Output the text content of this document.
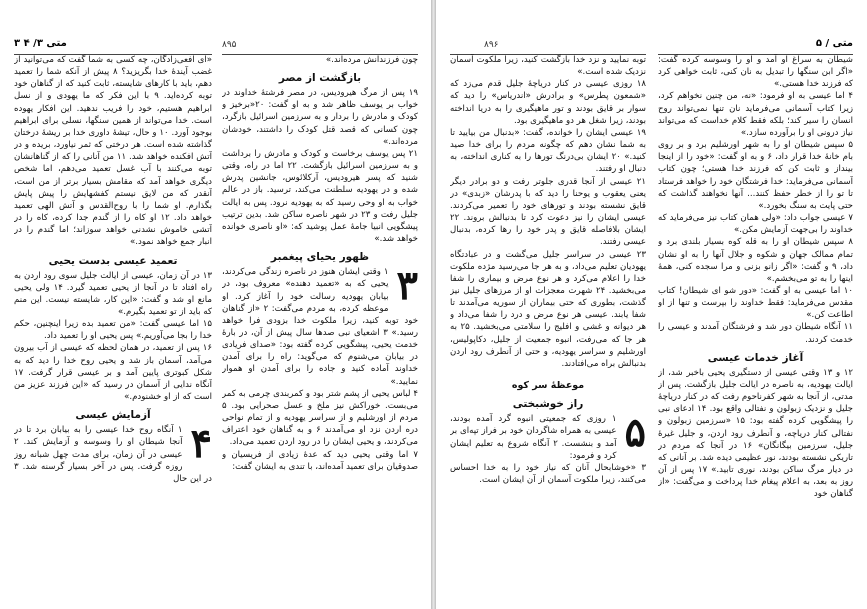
متی ۳/ ۴ ۳	۸۹۵

«ای افعی‌زادگان، چه کسی به شما گفت که می‌توانید از غضب آیندهٔ خدا بگریزید؟ ۸ پیش از آنکه شما را تعمید دهم، باید با کارهای شایسته، ثابت کنید که از گناهان خود توبه کرده‌اید. ۹ با این فکر که ما یهودی و از نسل ابراهیم هستیم، خود را فریب ندهید. این افکار یهوده است. خدا می‌تواند از همین سنگها، نسلی برای ابراهیم بوجود آورد. ۱۰ و حال، تیشهٔ داوری خدا بر ریشهٔ درختان گذاشته شده است. هر درختی که ثمر نیاورد، بریده و در آتش افکنده خواهد شد. ۱۱ من آنانی را که از گناهانشان توبه می‌کنند با آب غسل تعمید می‌دهم، اما شخص دیگری خواهد آمد که مقامش بسیار برتر از من است، آنقدر که من لایق نیستم کفشهایش را پیش پایش بگذارم. او شما را با روح‌القدس و آتش الهی تعمید خواهد داد. ۱۲ او کاه را از گندم جدا کرده، کاه را در آتشی خاموش نشدنی خواهد سوزاند؛ اما گندم را در انبار جمع خواهد نمود.»

تعمید عیسی بدست یحیی

۱۳ در آن زمان، عیسی از ایالت جلیل سوی رود اردن به راه افتاد تا در آنجا از یحیی تعمید گیرد. ۱۴ ولی یحیی مانع او شد و گفت: «این کار، شایسته نیست. این منم که باید از تو تعمید بگیرم.»

۱۵ اما عیسی گفت: «من تعمید بده زیرا اینچنین، حکم خدا را بجا می‌آوریم.» پس یحیی او را تعمید داد.

۱۶ پس از تعمید، در همان لحظه که عیسی از آب بیرون می‌آمد، آسمان باز شد و یحیی روح خدا را دید که به شکل کبوتری پایین آمد و بر عیسی قرار گرفت. ۱۷ آنگاه ندایی از آسمان در رسید که «این فرزند عزیز من است که از او خشنودم.»

آزمایش عیسی
۴

۱ آنگاه روح خدا عیسی را به بیابان برد تا در آنجا شیطان او را وسوسه و آزمایش کند. ۲ عیسی در آن زمان، برای مدت چهل شبانه روز روزه گرفت. پس در آخر بسیار گرسنه شد. ۳ در این حال

چون فرزندانش مرده‌اند.»

بازگشت از مصر

۱۹ پس از مرگ هیرودیس، در مصر فرشتهٔ خداوند در خواب بر یوسف ظاهر شد و به او گفت: ۲۰«برخیز و کودک و مادرش را بردار و به سرزمین اسرائیل بازگرد، چون کسانی که قصد قتل کودک را داشتند، خودشان مرده‌اند.»

۲۱ پس یوسف برخاست و کودک و مادرش را برداشت و به سرزمین اسرائیل بازگشت. ۲۲ اما در راه، وقتی شنید که پسر هیرودیس، آرکلائوس، جانشین پدرش شده و در یهودیه سلطنت می‌کند، ترسید. باز در عالم خواب به او وحی رسید که به یهودیه نرود. پس به ایالت جلیل رفت و ۲۳ در شهر ناصره ساکن شد. بدین ترتیب پیشگویی انبیا جامهٔ عمل پوشید که: «او ناصری خوانده خواهد شد.»

ظهور یحیای پیغمبر
۳

۱ وقتی ایشان هنوز در ناصره زندگی می‌کردند، یحیی که به «تعمید دهنده» معروف بود، در بیابان یهودیه رسالت خود را آغاز کرد. او موعظه کرده، به مردم می‌گفت: ۲ «از گناهان خود توبه کنید، زیرا ملکوت خدا بزودی فرا خواهد رسید.» ۳ اشعیای نبی صدها سال پیش از آن، در بارهٔ خدمت یحیی، پیشگویی کرده گفته بود: «صدای فریادی در بیابان می‌شنوم که می‌گوید: راه را برای آمدن خداوند آماده کنید و جاده را برای آمدن او هموار نمایید.»

۴ لباس یحیی از پشم شتر بود و کمربندی چرمی به کمر می‌بست. خوراکش نیز ملخ و عسل صحرایی بود. ۵ مردم از اورشلیم و از سراسر یهودیه و از تمام نواحی دره اردن نزد او می‌آمدند ۶ و به گناهان خود اعتراف می‌کردند، و یحیی ایشان را در رود اردن تعمید می‌داد.

۷ اما وقتی یحیی دید که عدهٔ زیادی از فریسیان و صدوقیان برای تعمید آمده‌اند، با تندی به ایشان گفت:

۸۹۶	متی / ۵

توبه نمایید و نزد خدا بازگشت کنید، زیرا ملکوت آسمان نزدیک شده است.»

۱۸ روزی عیسی در کنار دریاچهٔ جلیل قدم می‌زد که «شمعون پطرس» و برادرش «اندریاس» را دید که سوار بر قایق بودند و تور ماهیگیری را به دریا انداخته بودند، زیرا شغل هر دو ماهیگیری بود.

۱۹ عیسی ایشان را خوانده، گفت: «بدنبال من بیایید تا به شما نشان دهم که چگونه مردم را برای خدا صید کنید.» ۲۰ ایشان بی‌درنگ تورها را به کناری انداخته، به دنبال او رفتند.

۲۱ عیسی از آنجا قدری جلوتر رفت و دو برادر دیگر یعنی یعقوب و یوحنا را دید که با پدرشان «زبدی» در قایق نشسته بودند و تورهای خود را تعمیر می‌کردند. عیسی ایشان را نیز دعوت کرد تا بدنبالش بروند. ۲۲ ایشان بلافاصله قایق و پدر خود را رها کرده، بدنبال عیسی رفتند.

۲۳ عیسی در سراسر جلیل می‌گشت و در عبادتگاه یهودیان تعلیم می‌داد، و به هر جا می‌رسید مژده ملکوت خدا را اعلام می‌کرد و هر نوع مرض و بیماری را شفا می‌بخشید. ۲۴ شهرت معجزات او از مرزهای جلیل نیز گذشت، بطوری که حتی بیماران از سوریه می‌آمدند تا شفا یابند. عیسی هر نوع مرض و درد را شفا می‌داد و هر دیوانه و غشی و افلیج را سلامتی می‌بخشید. ۲۵ به هر جا که می‌رفت، انبوه جمعیت از جلیل، دکاپولیس، اورشلیم و سراسر یهودیه، و حتی از آنطرف رود اردن بدنبالش براه می‌افتادند.

موعظهٔ سر کوه
راز خوشبختی
۵

۱ روزی که جمعیتی انبوه گرد آمده بودند، عیسی به همراه شاگردان خود بر فراز تپه‌ای بر آمد و بنشست. ۲ آنگاه شروع به تعلیم ایشان کرد و فرمود:

۳ «خوشابحال آنان که نیاز خود را به خدا احساس می‌کنند، زیرا ملکوت آسمان از آن ایشان است.

شیطان به سراغ او آمد و او را وسوسه کرده گفت: «اگر ابن سنگها را تبدیل به نان کنی، ثابت خواهی کرد که فرزند خدا هستی.»

۴ اما عیسی به او فرمود: «نه، من چنین نخواهم کرد، زیرا کتاب آسمانی می‌فرماید نان تنها نمی‌تواند روح انسان را سیر کند؛ بلکه فقط کلام خداست که می‌تواند نیاز درونی او را برآورده سازد.»

۵ سپس شیطان او را به شهر اورشلیم برد و بر روی بام خانهٔ خدا قرار داد، ۶ و به او گفت: «خود را از اینجا بینداز و ثابت کن که فرزند خدا هستی؛ چون کتاب آسمانی می‌فرماید: خدا فرشتگان خود را خواهد فرستاد تا تو را از خطر حفظ کنند... آنها نخواهند گذاشت که حتی پایت به سنگ بخورد.»

۷ عیسی جواب داد: «ولی همان کتاب نیز می‌فرماید که خداوند را بی‌جهت آزمایش مکن.»

۸ سپس شیطان او را به قله کوه بسیار بلندی برد و تمام ممالک جهان و شکوه و جلال آنها را به او نشان داد، ۹ و گفت: «اگر زانو بزنی و مرا سجده کنی، همهٔ اینها را به تو می‌بخشم.»

۱۰ اما عیسی به او گفت: «دور شو ای شیطان! کتاب مقدس می‌فرماید: فقط خداوند را بپرست و تنها از او اطاعت کن.»

۱۱ آنگاه شیطان دور شد و فرشتگان آمدند و عیسی را خدمت کردند.

آغاز خدمات عیسی

۱۲ و ۱۳ وقتی عیسی از دستگیری یحیی باخبر شد، از ایالت یهودیه، به ناصره در ایالت جلیل بازگشت. پس از مدتی، از آنجا به شهر کفرناحوم رفت که در کنار دریاچهٔ جلیل و نزدیک زبولون و نفتالی واقع بود. ۱۴ ادعای نبی را پیشگویی کرده گفته بود: ۱۵ «سرزمین زبولون و نفتالی کنار دریاچه، و آنطرف رود اردن، و جلیل غیرهٔ جلیل، سرزمین بیگانگان» ۱۶ در آنجا که مردم در تاریکی نشسته بودند، نور عظیمی دیده شد. بر آنانی که در دیار مرگ ساکن بودند، نوری تابید.» ۱۷ پس از آن روز به بعد، به اعلام پیغام خدا پرداخت و می‌گفت: «از گناهان خود
